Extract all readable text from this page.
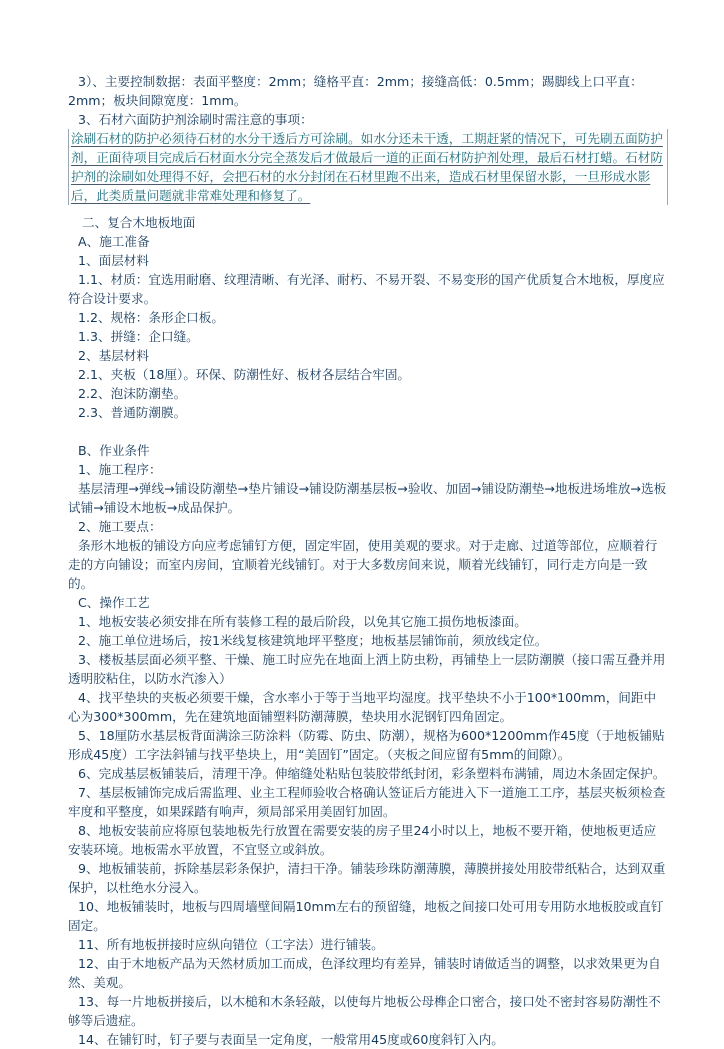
3）、主要控制数据：表面平整度：2mm；缝格平直：2mm；接缝高低：0.5mm；踢脚线上口平直：2mm；板块间隙宽度：1mm。

3、石材六面防护剂涂刷时需注意的事项：

涂刷石材的防护必须待石材的水分干透后方可涂刷。如水分还未干透，工期赶紧的情况下，可先刷五面防护剂，正面待项目完成后石材面水分完全蒸发后才做最后一道的正面石材防护剂处理，最后石材打蜡。石材防护剂的涂刷如处理得不好，会把石材的水分封闭在石材里跑不出来，造成石材里保留水影，一旦形成水影后，此类质量问题就非常难处理和修复了。

二、复合木地板地面

A、施工准备

1、面层材料

1.1、材质：宜选用耐磨、纹理清晰、有光泽、耐朽、不易开裂、不易变形的国产优质复合木地板，厚度应符合设计要求。

1.2、规格：条形企口板。

1.3、拼缝：企口缝。

2、基层材料

2.1、夹板（18厘）。环保、防潮性好、板材各层结合牢固。

2.2、泡沫防潮垫。

2.3、普通防潮膜。

B、作业条件

1、施工程序：

基层清理→弹线→铺设防潮垫→垫片铺设→铺设防潮基层板→验收、加固→铺设防潮垫→地板进场堆放→选板试铺→铺设木地板→成品保护。

2、施工要点：

条形木地板的铺设方向应考虑铺钉方便，固定牢固，使用美观的要求。对于走廊、过道等部位，应顺着行走的方向铺设；而室内房间，宜顺着光线铺钉。对于大多数房间来说，顺着光线铺钉，同行走方向是一致的。

C、操作工艺

1、地板安装必须安排在所有装修工程的最后阶段，以免其它施工损伤地板漆面。

2、施工单位进场后，按1米线复核建筑地坪平整度；地板基层铺饰前，须放线定位。

3、楼板基层面必须平整、干燥、施工时应先在地面上洒上防虫粉，再铺垫上一层防潮膜（接口需互叠并用透明胶粘住，以防水汽渗入）

4、找平垫块的夹板必须要干燥，含水率小于等于当地平均湿度。找平垫块不小于100*100mm，间距中心为300*300mm，先在建筑地面铺塑料防潮薄膜，垫块用水泥钢钉四角固定。

5、18厘防水基层板背面满涂三防涂料（防霉、防虫、防潮），规格为600*1200mm作45度（于地板铺贴形成45度）工字法斜铺与找平垫块上，用“美固钉”固定。（夹板之间应留有5mm的间隙）。

6、完成基层板铺装后，清理干净。伸缩缝处粘贴包装胶带纸封闭，彩条塑料布满铺，周边木条固定保护。

7、基层板铺饰完成后需监理、业主工程师验收合格确认签证后方能进入下一道施工工序，基层夹板须检查牢度和平整度，如果踩踏有响声，须局部采用美固钉加固。

8、地板安装前应将原包装地板先行放置在需要安装的房子里24小时以上，地板不要开箱，使地板更适应安装环境。地板需水平放置，不宜竖立或斜放。

9、地板铺装前，拆除基层彩条保护，清扫干净。铺装珍珠防潮薄膜，薄膜拼接处用胶带纸粘合，达到双重保护，以杜绝水分浸入。

10、地板铺装时，地板与四周墙壁间隔10mm左右的预留缝，地板之间接口处可用专用防水地板胶或直钉固定。

11、所有地板拼接时应纵向错位（工字法）进行铺装。

12、由于木地板产品为天然材质加工而成，色泽纹理均有差异，铺装时请做适当的调整，以求效果更为自然、美观。

13、每一片地板拼接后，以木槌和木条轻敲，以使每片地板公母榫企口密合，接口处不密封容易防潮性不够等后遗症。

14、在铺钉时，钉子要与表面呈一定角度，一般常用45度或60度斜钉入内。
